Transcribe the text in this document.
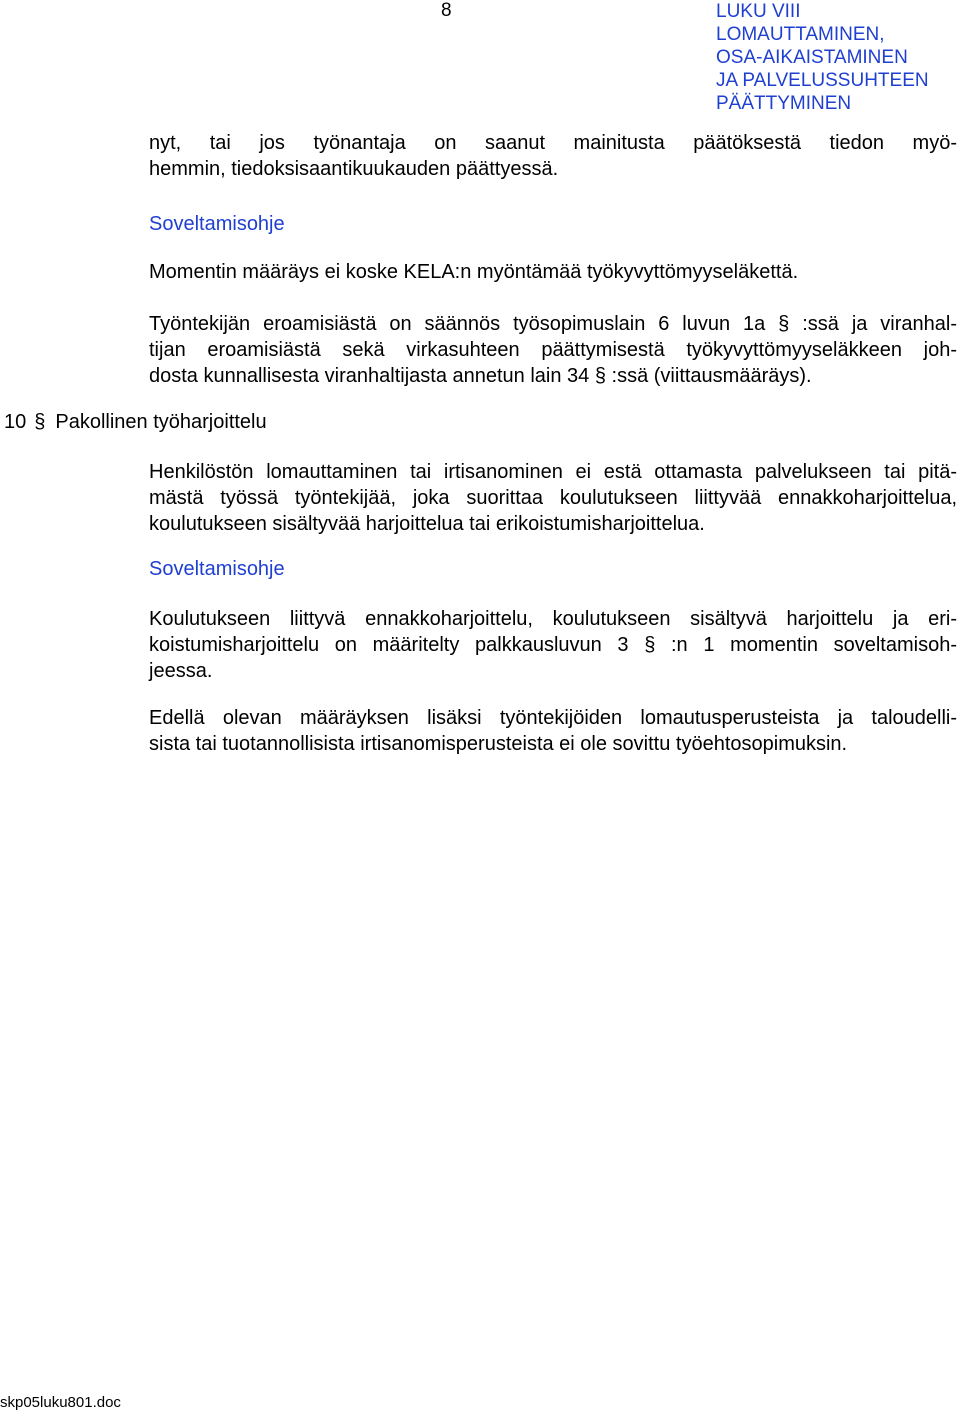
8	LUKU VIII
LOMAUTTAMINEN,
OSA-AIKAISTAMINEN
JA PALVELUSSUHTEEN
PÄÄTTYMINEN
nyt, tai jos työnantaja on saanut mainitusta päätöksestä tiedon myö-
hemmin, tiedoksisaantikuukauden päättyessä.
Soveltamisohje
Momentin määräys ei koske KELA:n myöntämää työkyvyttömyyseläkettä.
Työntekijän eroamisiästä on säännös työsopimuslain 6 luvun 1a § :ssä ja viranhal-
tijan eroamisiästä sekä virkasuhteen päättymisestä työkyvyttömyyseläkkeen joh-
dosta kunnallisesta viranhaltijasta annetun lain 34 § :ssä (viittausmääräys).
10 § Pakollinen työharjoittelu
Henkilöstön lomauttaminen tai irtisanominen ei estä ottamasta palvelukseen tai pitä-
mästä työssä työntekijää, joka suorittaa koulutukseen liittyvää ennakkoharjoittelua,
koulutukseen sisältyvää harjoittelua tai erikoistumisharjoittelua.
Soveltamisohje
Koulutukseen liittyvä ennakkoharjoittelu, koulutukseen sisältyvä harjoittelu ja eri-
koistumisharjoittelu on määritelty palkkausluvun 3 § :n 1 momentin soveltamisoh-
jeessa.
Edellä olevan määräyksen lisäksi työntekijöiden lomautusperusteista ja taloudelli-
sista tai tuotannollisista irtisanomisperusteista ei ole sovittu työehtosopimuksin.
skp05luku801.doc
